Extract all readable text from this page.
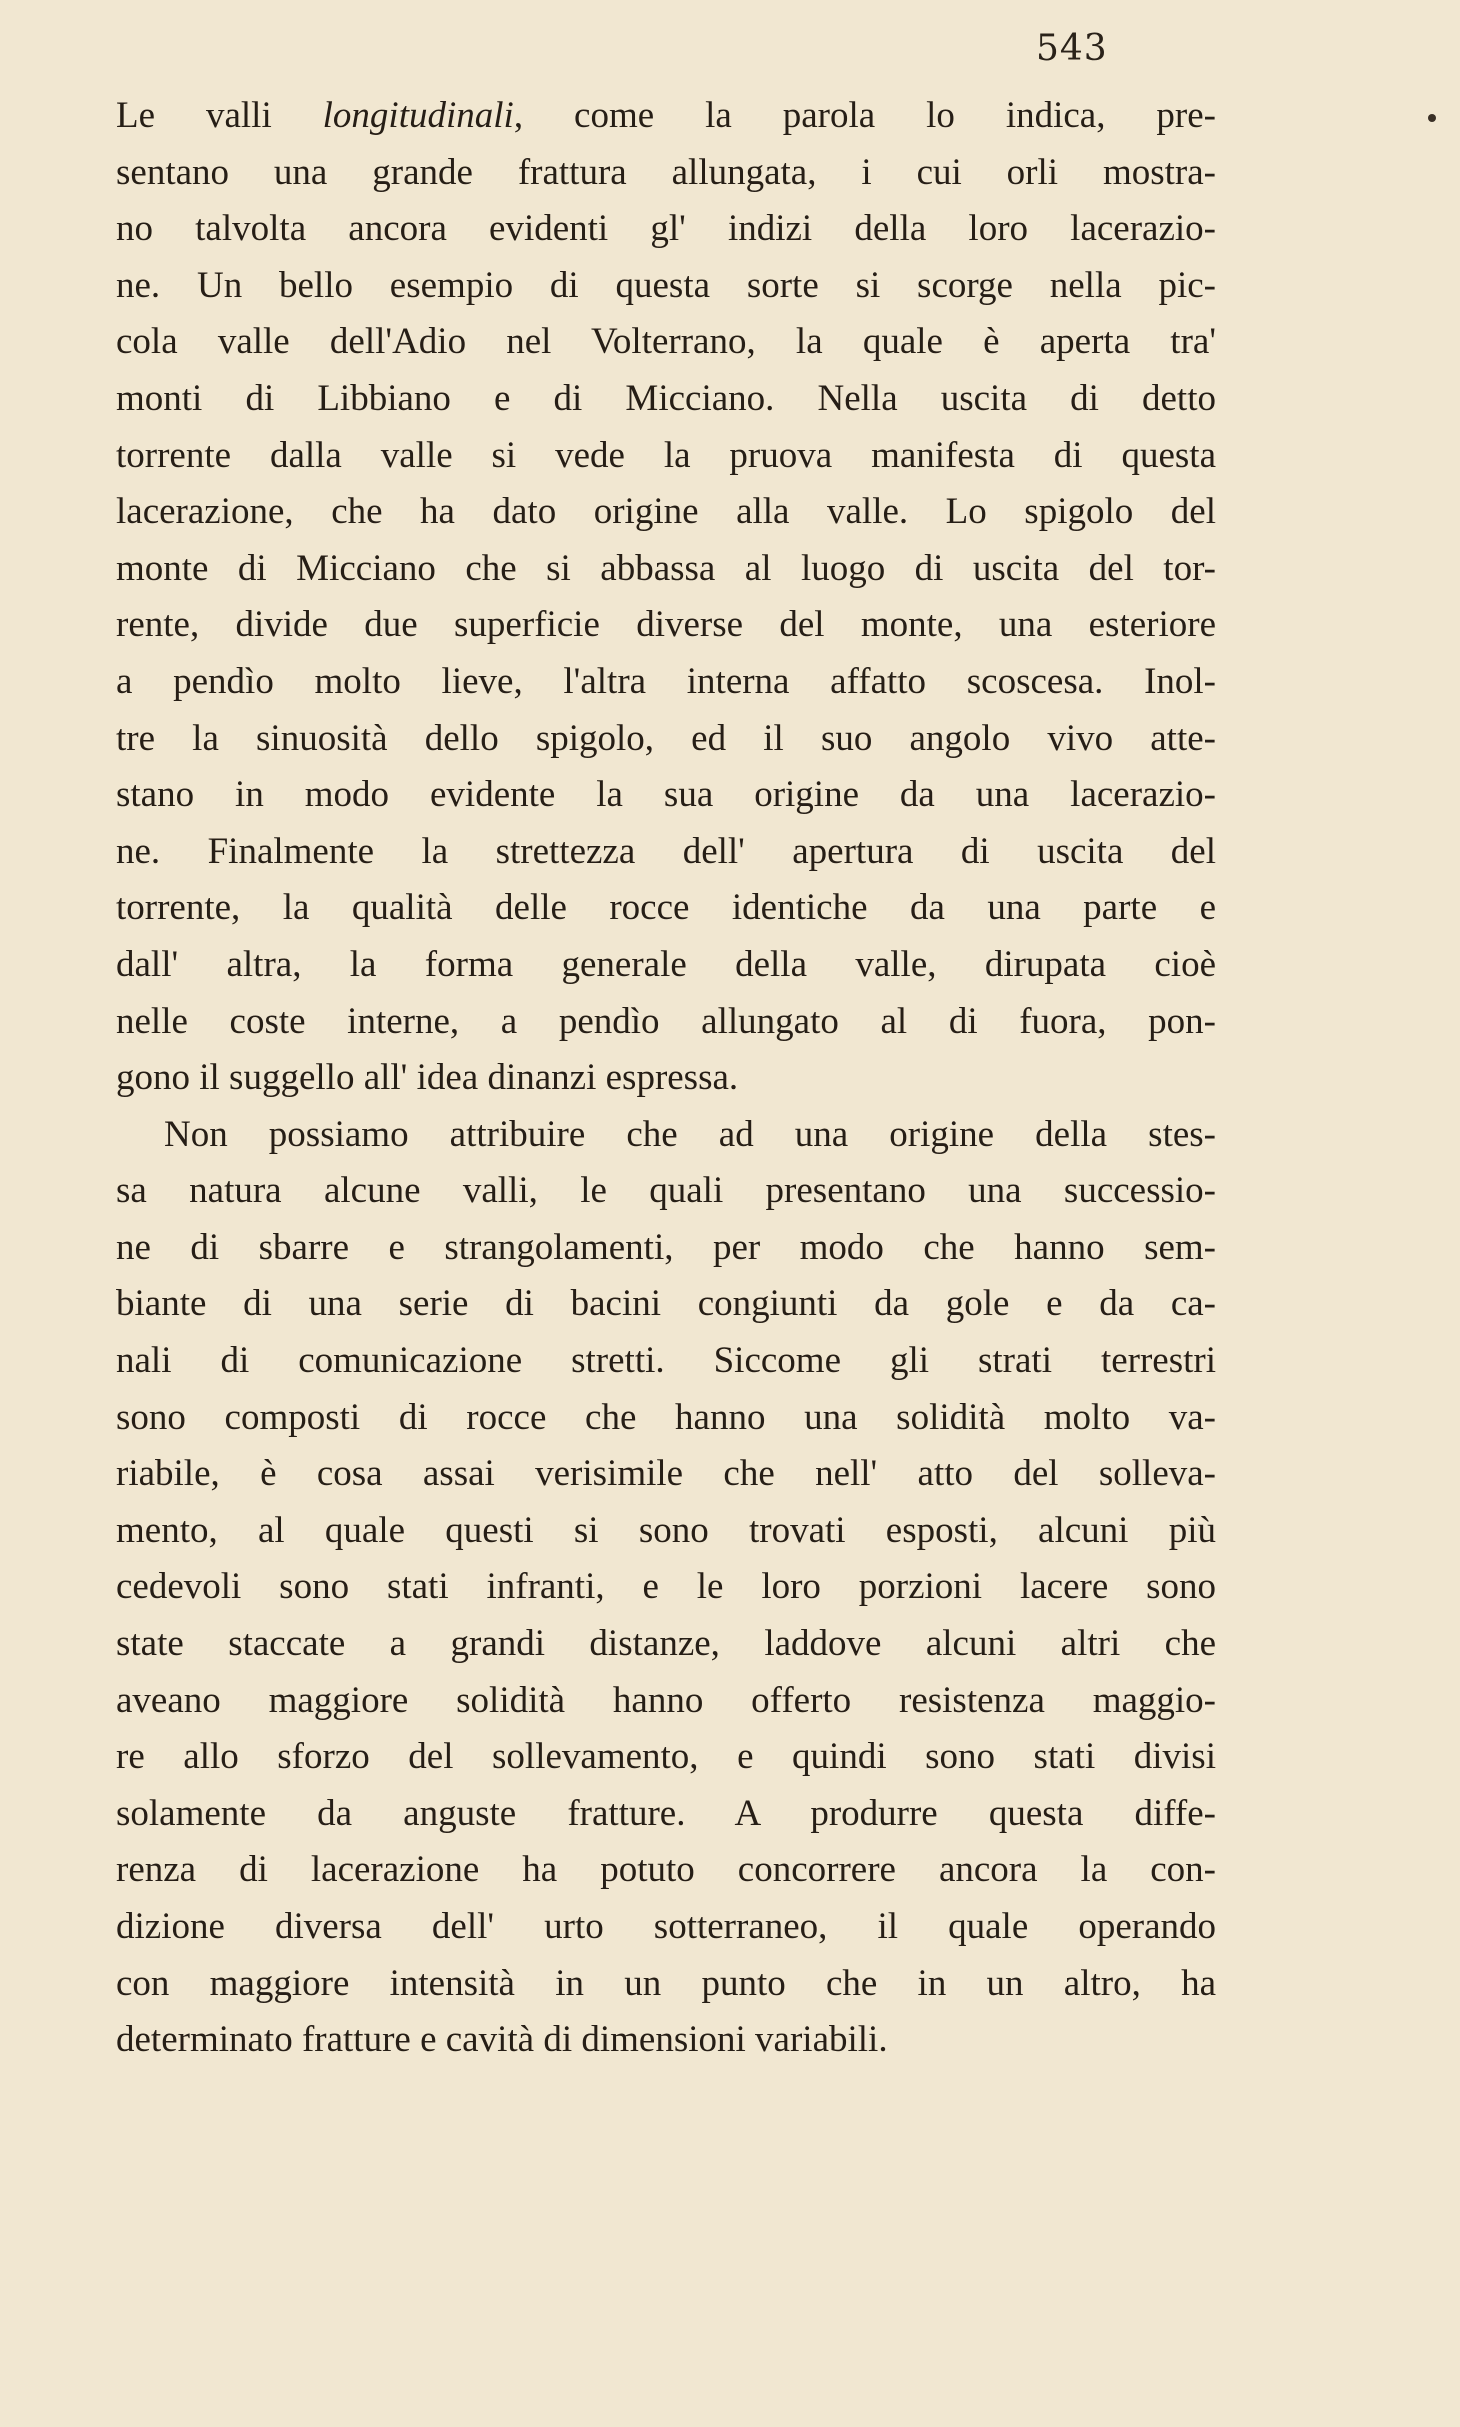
543
Le valli longitudinali, come la parola lo indica, pre-
sentano una grande frattura allungata, i cui orli mostra-
no talvolta ancora evidenti gl' indizi della loro lacerazio-
ne. Un bello esempio di questa sorte si scorge nella pic-
cola valle dell'Adio nel Volterrano, la quale è aperta tra'
monti di Libbiano e di Micciano. Nella uscita di detto
torrente dalla valle si vede la pruova manifesta di questa
lacerazione, che ha dato origine alla valle. Lo spigolo del
monte di Micciano che si abbassa al luogo di uscita del tor-
rente, divide due superficie diverse del monte, una esteriore
a pendìo molto lieve, l'altra interna affatto scoscesa. Inol-
tre la sinuosità dello spigolo, ed il suo angolo vivo atte-
stano in modo evidente la sua origine da una lacerazio-
ne. Finalmente la strettezza dell' apertura di uscita del
torrente, la qualità delle rocce identiche da una parte e
dall' altra, la forma generale della valle, dirupata cioè
nelle coste interne, a pendìo allungato al di fuora, pon-
gono il suggello all' idea dinanzi espressa.
Non possiamo attribuire che ad una origine della stes-
sa natura alcune valli, le quali presentano una successio-
ne di sbarre e strangolamenti, per modo che hanno sem-
biante di una serie di bacini congiunti da gole e da ca-
nali di comunicazione stretti. Siccome gli strati terrestri
sono composti di rocce che hanno una solidità molto va-
riabile, è cosa assai verisimile che nell' atto del solleva-
mento, al quale questi si sono trovati esposti, alcuni più
cedevoli sono stati infranti, e le loro porzioni lacere sono
state staccate a grandi distanze, laddove alcuni altri che
aveano maggiore solidità hanno offerto resistenza maggio-
re allo sforzo del sollevamento, e quindi sono stati divisi
solamente da anguste fratture. A produrre questa diffe-
renza di lacerazione ha potuto concorrere ancora la con-
dizione diversa dell' urto sotterraneo, il quale operando
con maggiore intensità in un punto che in un altro, ha
determinato fratture e cavità di dimensioni variabili.
